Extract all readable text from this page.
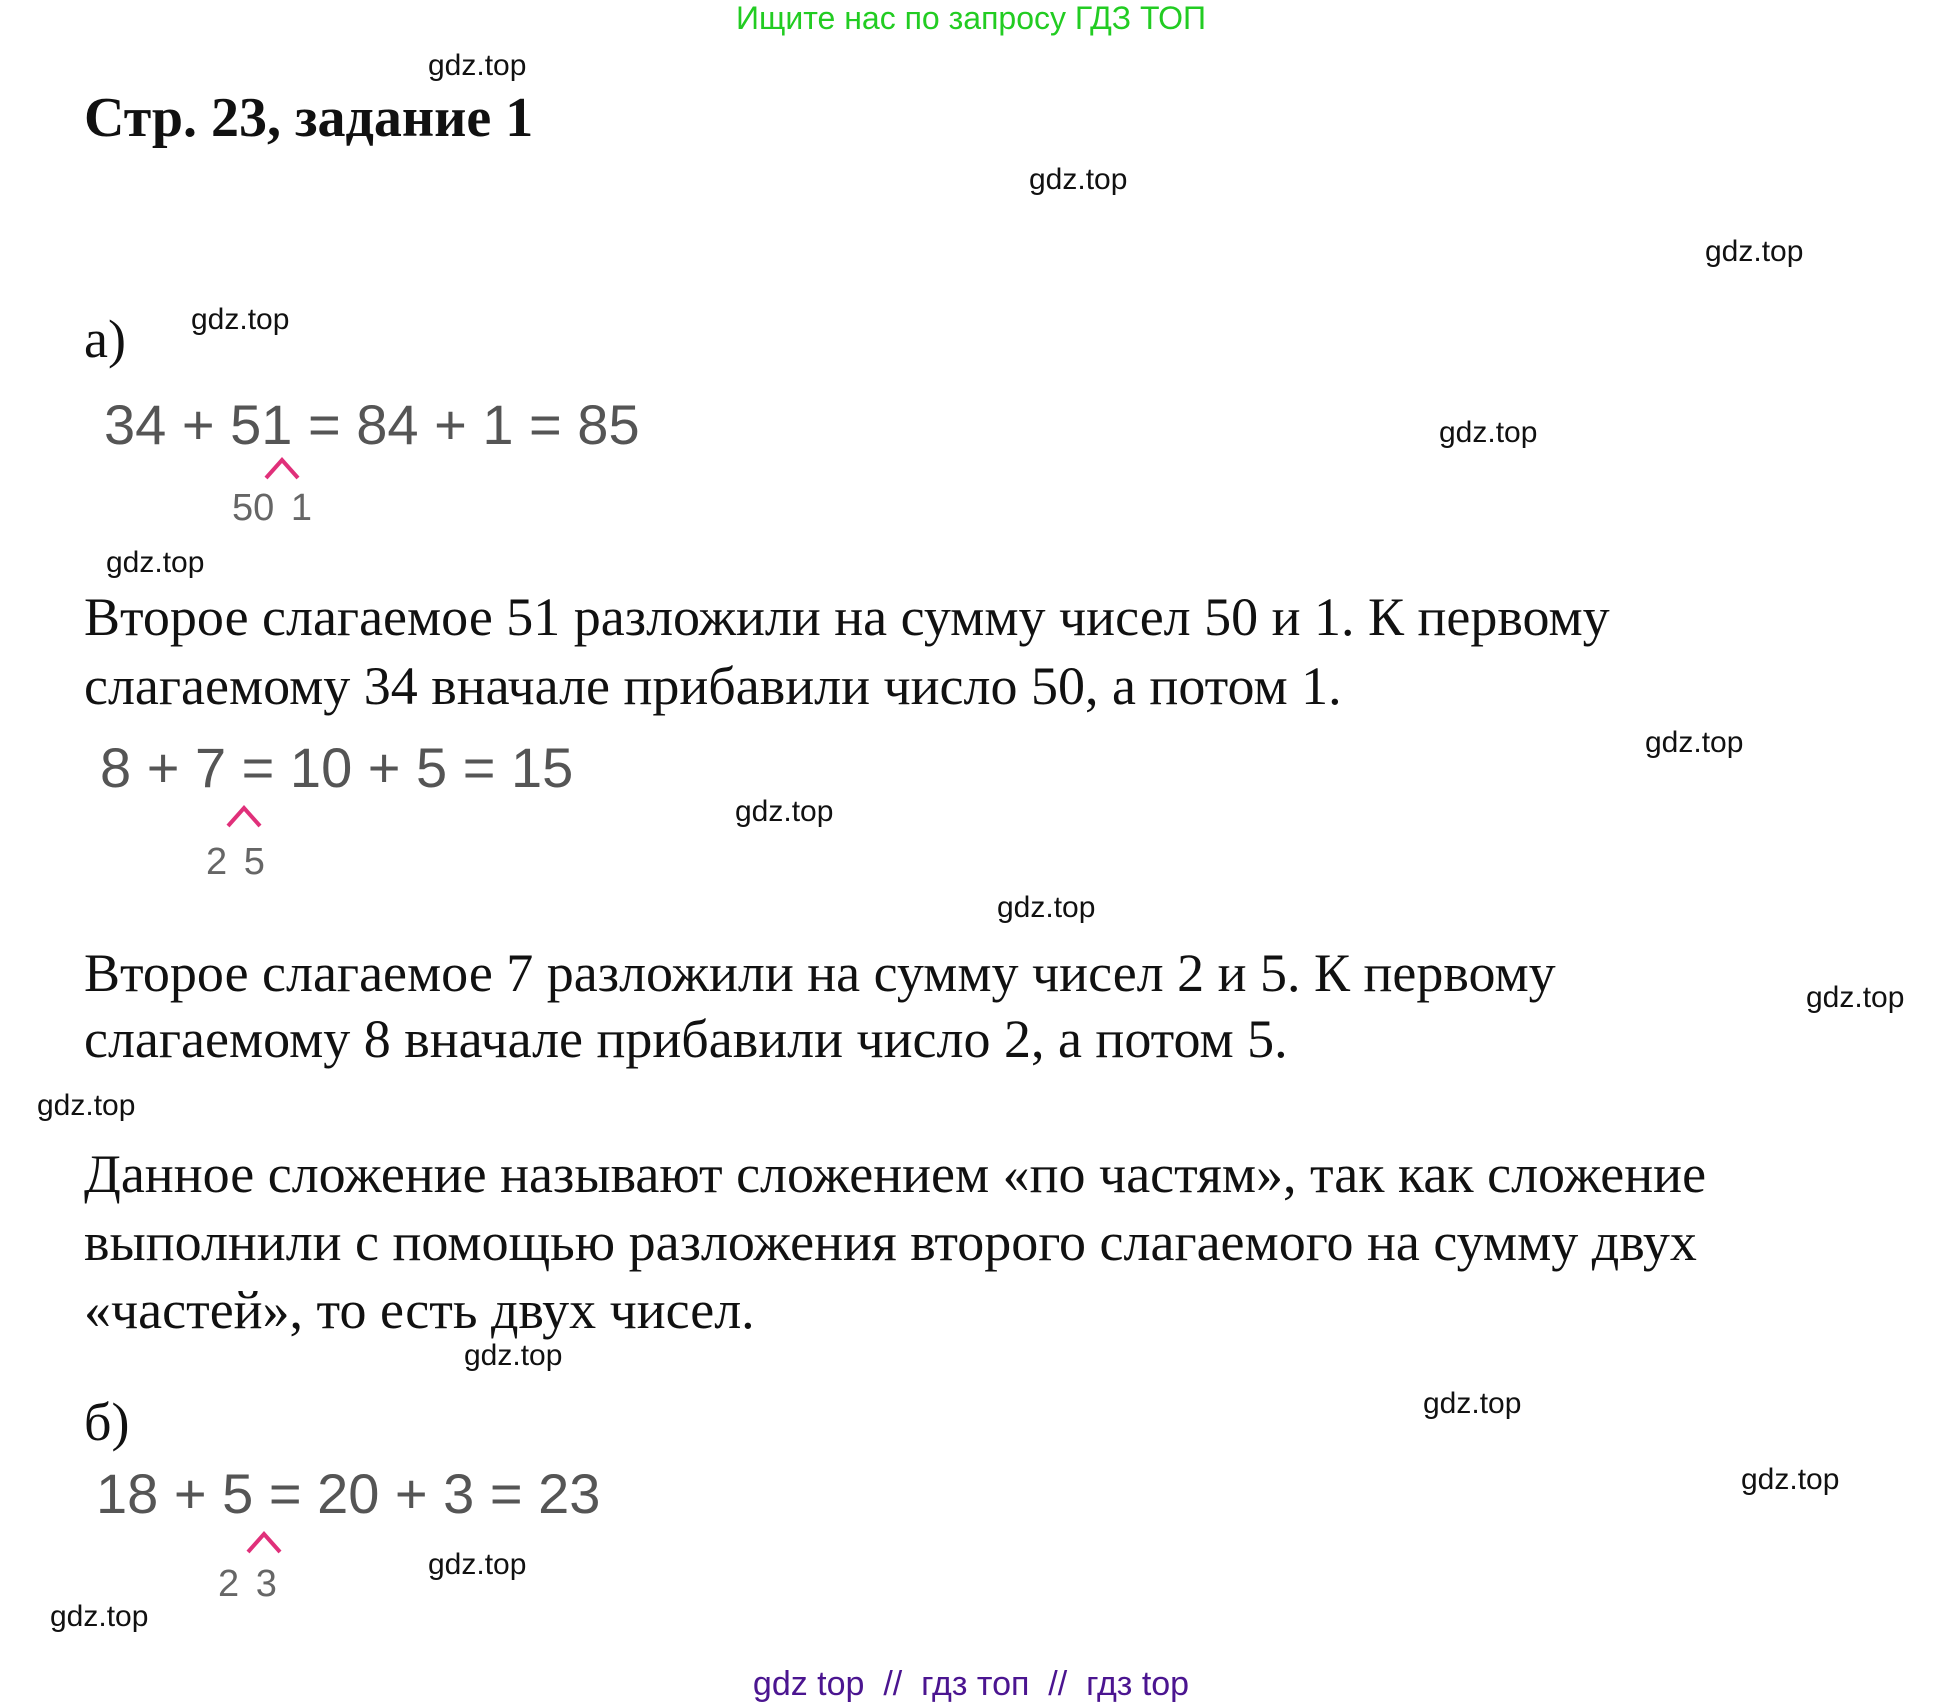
Ищите нас по запросу ГДЗ ТОП
Стр. 23, задание 1
gdz.top
gdz.top
gdz.top
gdz.top
gdz.top
gdz.top
gdz.top
gdz.top
gdz.top
gdz.top
gdz.top
gdz.top
gdz.top
gdz.top
gdz.top
gdz.top
а)
34 + 51 = 84 + 1 = 85
50 1
Второе слагаемое 51 разложили на сумму чисел 50 и 1. К первому
слагаемому 34 вначале прибавили число 50, а потом 1.
8 + 7 = 10 + 5 = 15
2 5
Второе слагаемое 7 разложили на сумму чисел 2 и 5. К первому
слагаемому 8 вначале прибавили число 2, а потом 5.
Данное сложение называют сложением «по частям», так как сложение
выполнили с помощью разложения второго слагаемого на сумму двух
«частей», то есть двух чисел.
б)
18 + 5 = 20 + 3 = 23
2 3
gdz top  //  гдз топ  //  гдз top
